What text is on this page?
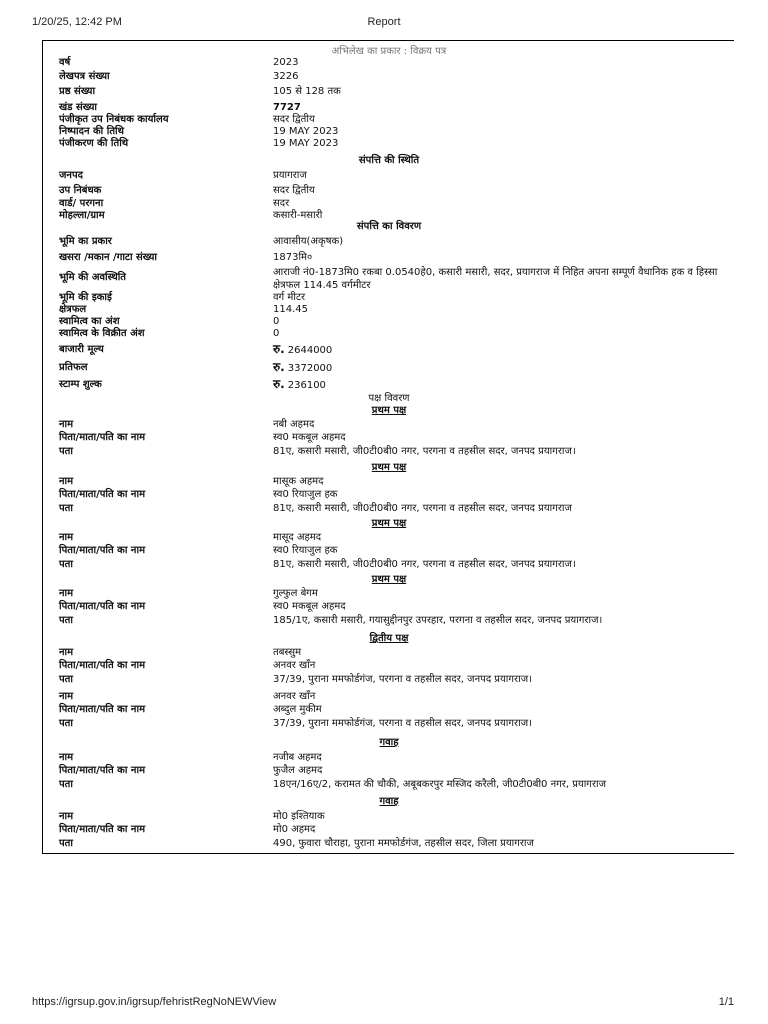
1/20/25, 12:42 PM	Report
https://igrsup.gov.in/igrsup/fehristRegNoNEWView	1/1
अभिलेख का प्रकार : विक्रय पत्र
वर्ष	2023
लेखपत्र संख्या	3226
प्रष्ठ संख्या	105 से 128 तक
खंड संख्या	7727
पंजीकृत उप निबंधक कार्यालय	सदर द्वितीय
निष्पादन की तिथि	19 MAY 2023
पंजीकरण की तिथि	19 MAY 2023
संपत्ति की स्थिति
जनपद	प्रयागराज
उप निबंधक	सदर द्वितीय
वार्ड/ परगना	सदर
मोहल्ला/ग्राम	कसारी-मसारी
संपत्ति का विवरण
भूमि का प्रकार	आवासीय(अकृषक)
खसरा /मकान /गाटा संख्या	1873मि०
भूमि की अवस्थिति	आराजी नं0-1873मि0 रकबा 0.0540हे0, कसारी मसारी, सदर, प्रयागराज में निहित अपना सम्पूर्ण वैधानिक हक व हिस्सा क्षेत्रफल 114.45 वर्गमीटर
भूमि की इकाई	वर्ग मीटर
क्षेत्रफल	114.45
स्वामित्व का अंश	0
स्वामित्व के विक्रीत अंश	0
बाजारी मूल्य	रु. 2644000
प्रतिफल	रु. 3372000
स्टाम्प शुल्क	रु. 236100
पक्ष विवरण
प्रथम पक्ष
नाम	नबी अहमद
पिता/माता/पति का नाम	स्व0 मकबूल अहमद
पता	81ए, कसारी मसारी, जी0टी0बी0 नगर, परगना व तहसील सदर, जनपद प्रयागराज।
प्रथम पक्ष
नाम	मासूक अहमद
पिता/माता/पति का नाम	स्व0 रियाजुल हक
पता	81ए, कसारी मसारी, जी0टी0बी0 नगर, परगना व तहसील सदर, जनपद प्रयागराज
प्रथम पक्ष
नाम	मासूद अहमद
पिता/माता/पति का नाम	स्व0 रियाजुल हक
पता	81ए, कसारी मसारी, जी0टी0बी0 नगर, परगना व तहसील सदर, जनपद प्रयागराज।
प्रथम पक्ष
नाम	गुल्फुल बेगम
पिता/माता/पति का नाम	स्व0 मकबूल अहमद
पता	185/1ए, कसारी मसारी, गयासुद्दीनपुर उपरहार, परगना व तहसील सदर, जनपद प्रयागराज।
द्वितीय पक्ष
नाम	तबस्सुम
पिता/माता/पति का नाम	अनवर खाँन
पता	37/39, पुराना ममफोर्डगंज, परगना व तहसील सदर, जनपद प्रयागराज।
नाम	अनवर खाँन
पिता/माता/पति का नाम	अब्दुल मुकीम
पता	37/39, पुराना ममफोर्डगंज, परगना व तहसील सदर, जनपद प्रयागराज।
गवाह
नाम	नजीब अहमद
पिता/माता/पति का नाम	फुजैल अहमद
पता	18एन/16ए/2, करामत की चौकी, अबूबकरपुर मस्जिद करैली, जी0टी0बी0 नगर, प्रयागराज
गवाह
नाम	मो0 इश्तियाक
पिता/माता/पति का नाम	मो0 अहमद
पता	490, फुवारा चौराहा, पुराना ममफोर्डगंज, तहसील सदर, जिला प्रयागराज
